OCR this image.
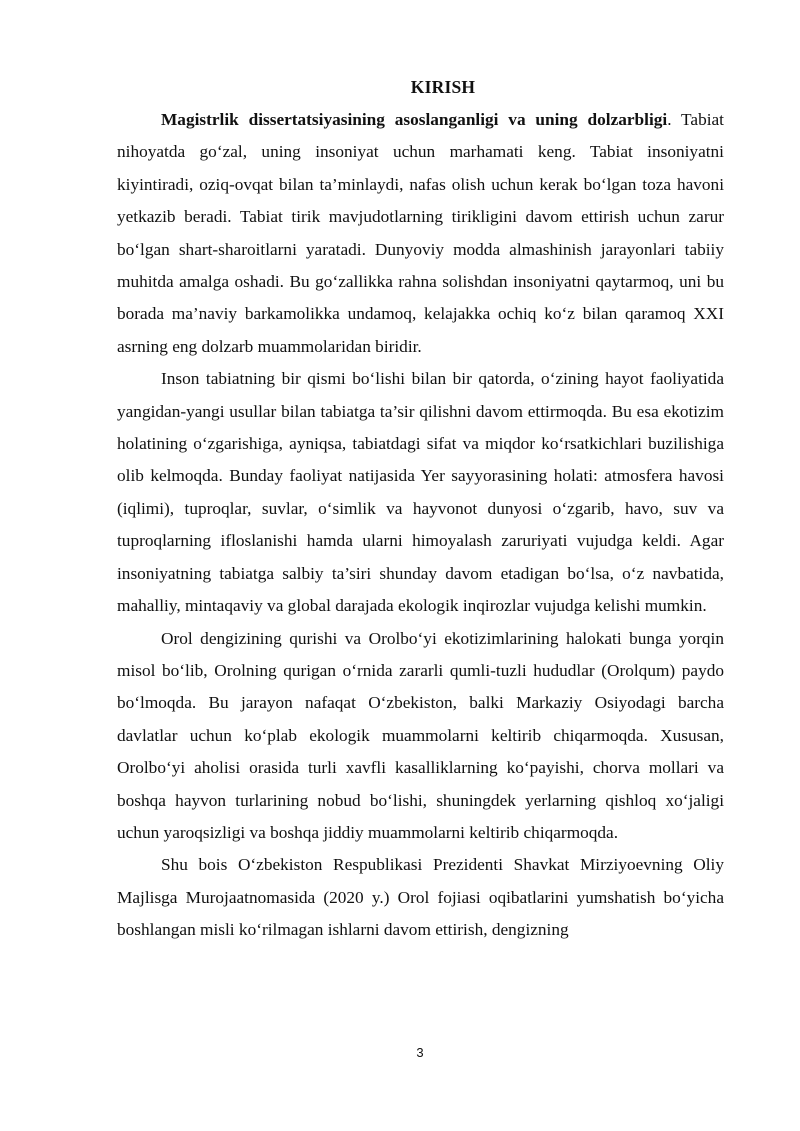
KIRISH

Magistrlik dissertatsiyasining asoslanganligi va uning dolzarbligi. Tabiat nihoyatda go‘zal, uning insoniyat uchun marhamati keng. Tabiat insoniyatni kiyintiradi, oziq-ovqat bilan ta’minlaydi, nafas olish uchun kerak bo‘lgan toza havoni yetkazib beradi. Tabiat tirik mavjudotlarning tirikligini davom ettirish uchun zarur bo‘lgan shart-sharoitlarni yaratadi. Dunyoviy modda almashinish jarayonlari tabiiy muhitda amalga oshadi. Bu go‘zallikka rahna solishdan insoniyatni qaytarmoq, uni bu borada ma’naviy barkamolikka undamoq, kelajakka ochiq ko‘z bilan qaramoq XXI asrning eng dolzarb muammolaridan biridir.

Inson tabiatning bir qismi bo‘lishi bilan bir qatorda, o‘zining hayot faoliyatida yangidan-yangi usullar bilan tabiatga ta’sir qilishni davom ettirmoqda. Bu esa ekotizim holatining o‘zgarishiga, ayniqsa, tabiatdagi sifat va miqdor ko‘rsatkichlari buzilishiga olib kelmoqda. Bunday faoliyat natijasida Yer sayyorasining holati: atmosfera havosi (iqlimi), tuproqlar, suvlar, o‘simlik va hayvonot dunyosi o‘zgarib, havo, suv va tuproqlarning ifloslanishi hamda ularni himoyalash zaruriyati vujudga keldi. Agar insoniyatning tabiatga salbiy ta’siri shunday davom etadigan bo‘lsa, o‘z navbatida, mahalliy, mintaqaviy va global darajada ekologik inqirozlar vujudga kelishi mumkin.

Orol dengizining qurishi va Orolbo‘yi ekotizimlarining halokati bunga yorqin misol bo‘lib, Orolning qurigan o‘rnida zararli qumli-tuzli hududlar (Orolqum) paydo bo‘lmoqda. Bu jarayon nafaqat O‘zbekiston, balki Markaziy Osiyodagi barcha davlatlar uchun ko‘plab ekologik muammolarni keltirib chiqarmoqda. Xususan, Orolbo‘yi aholisi orasida turli xavfli kasalliklarning ko‘payishi, chorva mollari va boshqa hayvon turlarining nobud bo‘lishi, shuningdek yerlarning qishloq xo‘jaligi uchun yaroqsizligi va boshqa jiddiy muammolarni keltirib chiqarmoqda.

Shu bois O‘zbekiston Respublikasi Prezidenti Shavkat Mirziyoevning Oliy Majlisga Murojaatnomasida (2020 y.) Orol fojiasi oqibatlarini yumshatish bo‘yicha boshlangan misli ko‘rilmagan ishlarni davom ettirish, dengizning

3
